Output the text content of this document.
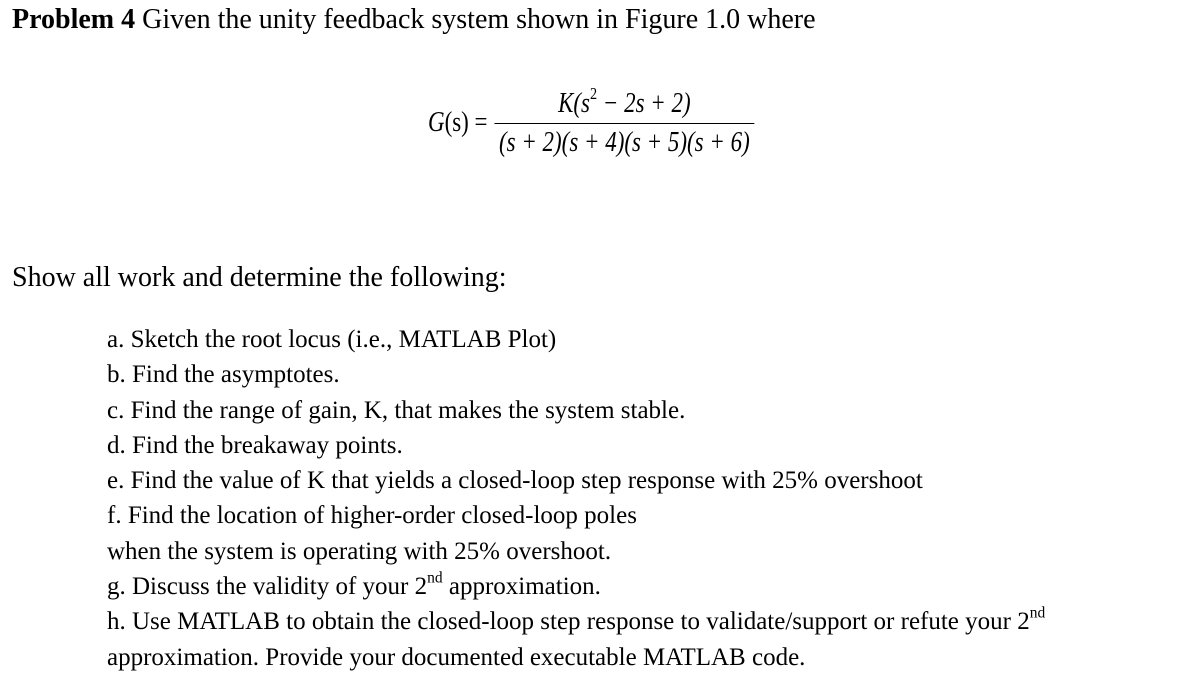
Problem 4 Given the unity feedback system shown in Figure 1.0 where
$G(s) = \frac{K(s^2 - 2s + 2)}{(s + 2)(s + 4)(s + 5)(s + 6)}$
Show all work and determine the following:
a. Sketch the root locus (i.e., MATLAB Plot)
b. Find the asymptotes.
c. Find the range of gain, K, that makes the system stable.
d. Find the breakaway points.
e. Find the value of K that yields a closed-loop step response with 25% overshoot
f. Find the location of higher-order closed-loop poles
when the system is operating with 25% overshoot.
g. Discuss the validity of your 2nd approximation.
h. Use MATLAB to obtain the closed-loop step response to validate/support or refute your 2nd
approximation. Provide your documented executable MATLAB code.
